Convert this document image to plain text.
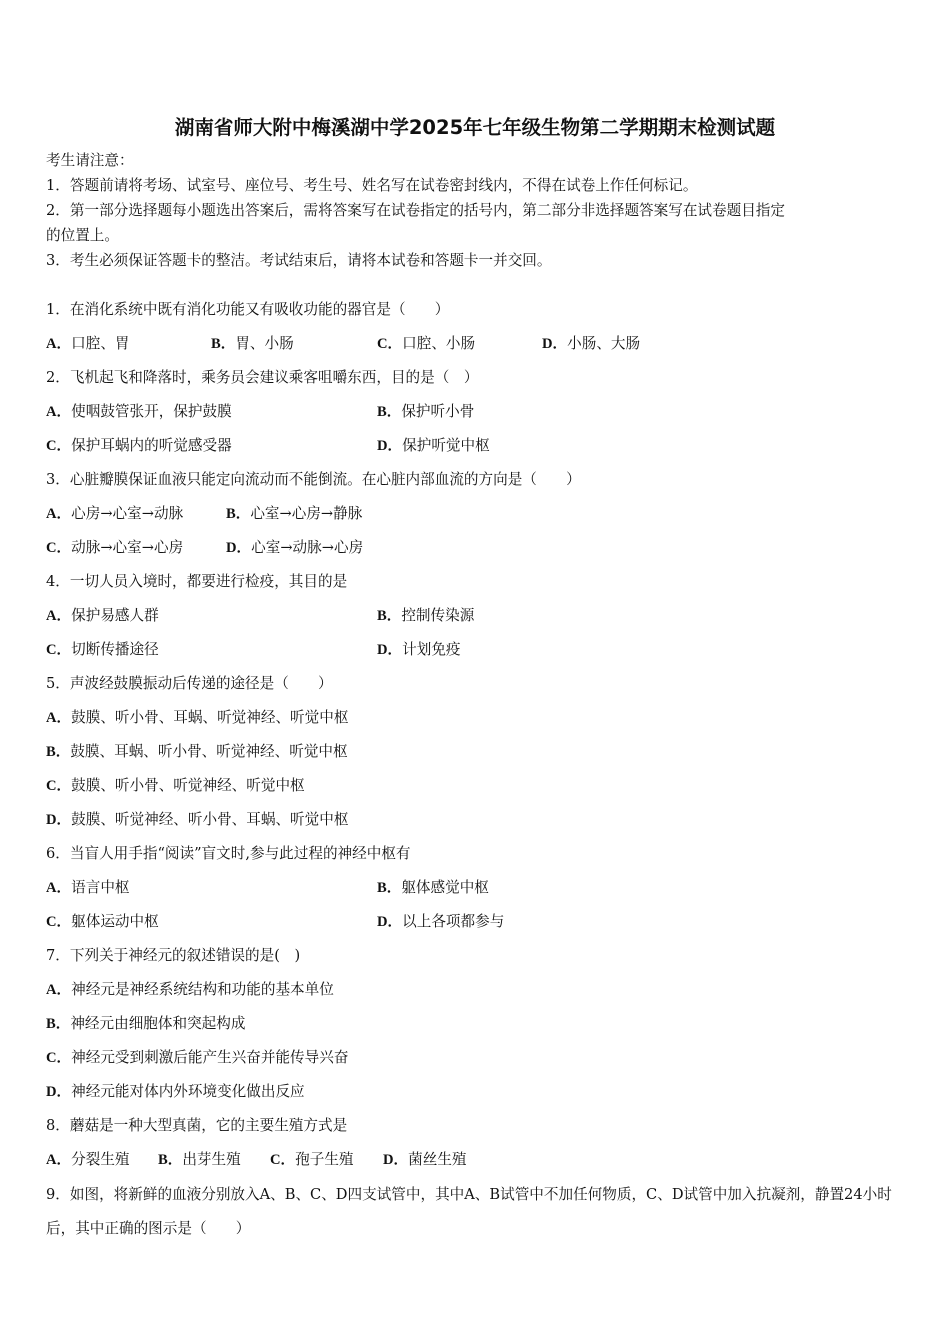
湖南省师大附中梅溪湖中学2025年七年级生物第二学期期末检测试题
考生请注意：
1．答题前请将考场、试室号、座位号、考生号、姓名写在试卷密封线内，不得在试卷上作任何标记。
2．第一部分选择题每小题选出答案后，需将答案写在试卷指定的括号内，第二部分非选择题答案写在试卷题目指定
的位置上。
3．考生必须保证答题卡的整洁。考试结束后，请将本试卷和答题卡一并交回。
1．在消化系统中既有消化功能又有吸收功能的器官是（　　）
A．口腔、胃	B．胃、小肠	C．口腔、小肠	D．小肠、大肠
2．飞机起飞和降落时，乘务员会建议乘客咀嚼东西，目的是（　）
A．使咽鼓管张开，保护鼓膜	B．保护听小骨
C．保护耳蜗内的听觉感受器	D．保护听觉中枢
3．心脏瓣膜保证血液只能定向流动而不能倒流。在心脏内部血流的方向是（　　）
A．心房→心室→动脉	B．心室→心房→静脉
C．动脉→心室→心房	D．心室→动脉→心房
4．一切人员入境时，都要进行检疫，其目的是
A．保护易感人群	B．控制传染源
C．切断传播途径	D．计划免疫
5．声波经鼓膜振动后传递的途径是（　　）
A．鼓膜、听小骨、耳蜗、听觉神经、听觉中枢
B．鼓膜、耳蜗、听小骨、听觉神经、听觉中枢
C．鼓膜、听小骨、听觉神经、听觉中枢
D．鼓膜、听觉神经、听小骨、耳蜗、听觉中枢
6．当盲人用手指“阅读”盲文时,参与此过程的神经中枢有
A．语言中枢	B．躯体感觉中枢
C．躯体运动中枢	D．以上各项都参与
7．下列关于神经元的叙述错误的是(　)
A．神经元是神经系统结构和功能的基本单位
B．神经元由细胞体和突起构成
C．神经元受到刺激后能产生兴奋并能传导兴奋
D．神经元能对体内外环境变化做出反应
8．蘑菇是一种大型真菌，它的主要生殖方式是
A．分裂生殖 B．出芽生殖 C．孢子生殖 D．菌丝生殖
9．如图，将新鲜的血液分别放入A、B、C、D四支试管中，其中A、B试管中不加任何物质，C、D试管中加入抗凝剂，静置24小时后，其中正确的图示是（　　）
